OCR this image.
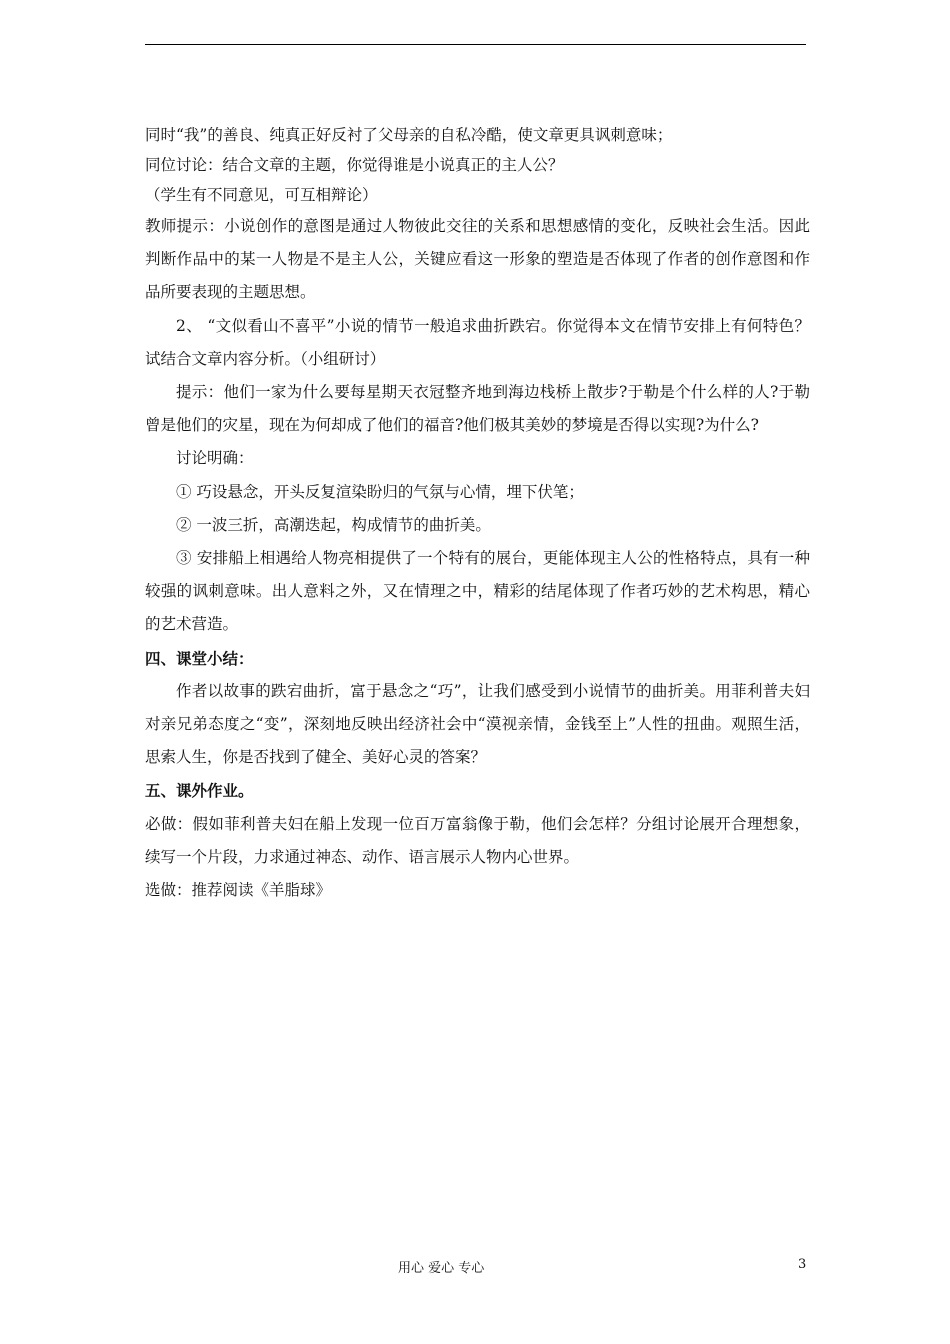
同时“我”的善良、纯真正好反衬了父母亲的自私冷酷，使文章更具讽刺意味；

同位讨论：结合文章的主题，你觉得谁是小说真正的主人公？

（学生有不同意见，可互相辩论）

教师提示：小说创作的意图是通过人物彼此交往的关系和思想感情的变化，反映社会生活。因此判断作品中的某一人物是不是主人公，关键应看这一形象的塑造是否体现了作者的创作意图和作品所要表现的主题思想。

2、 “文似看山不喜平”小说的情节一般追求曲折跌宕。你觉得本文在情节安排上有何特色？试结合文章内容分析。（小组研讨）

提示：他们一家为什么要每星期天衣冠整齐地到海边栈桥上散步?于勒是个什么样的人?于勒曾是他们的灾星，现在为何却成了他们的福音?他们极其美妙的梦境是否得以实现?为什么?

讨论明确：

① 巧设悬念，开头反复渲染盼归的气氛与心情，埋下伏笔；

② 一波三折，高潮迭起，构成情节的曲折美。

③ 安排船上相遇给人物亮相提供了一个特有的展台，更能体现主人公的性格特点，具有一种较强的讽刺意味。出人意料之外，又在情理之中，精彩的结尾体现了作者巧妙的艺术构思，精心的艺术营造。

四、课堂小结：

作者以故事的跌宕曲折，富于悬念之“巧”，让我们感受到小说情节的曲折美。用菲利普夫妇对亲兄弟态度之“变”，深刻地反映出经济社会中“漠视亲情，金钱至上”人性的扭曲。观照生活，思索人生，你是否找到了健全、美好心灵的答案？

五、课外作业。

必做：假如菲利普夫妇在船上发现一位百万富翁像于勒，他们会怎样？分组讨论展开合理想象，续写一个片段，力求通过神态、动作、语言展示人物内心世界。

选做：推荐阅读《羊脂球》

用心 爱心 专心	3
